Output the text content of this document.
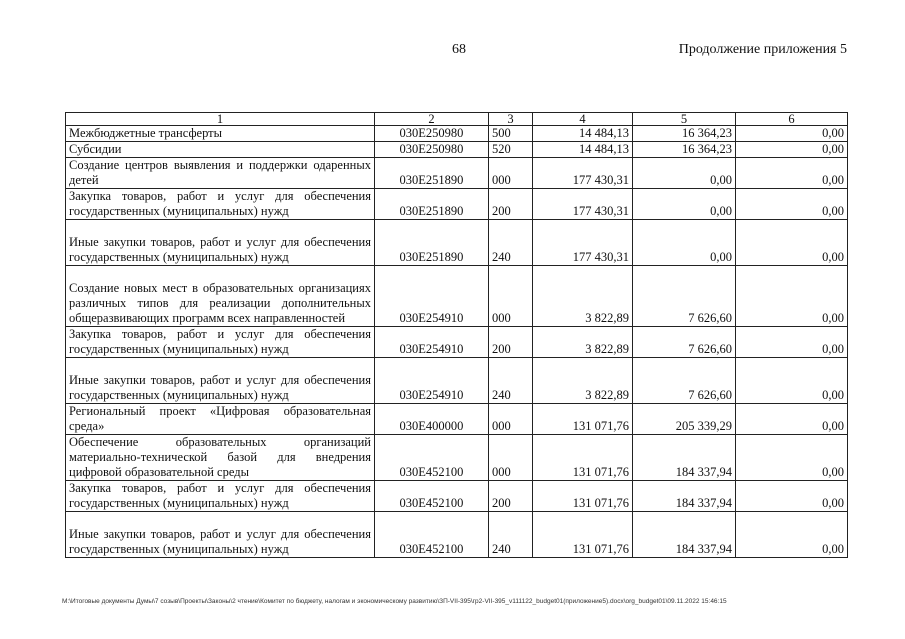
68	Продолжение приложения 5
1	2	3	4	5	6
Межбюджетные трансферты	030E250980	500	14 484,13	16 364,23	0,00
Субсидии	030E250980	520	14 484,13	16 364,23	0,00
Создание центров выявления и поддержки одаренных детей	030E251890	000	177 430,31	0,00	0,00
Закупка товаров, работ и услуг для обеспечения государственных (муниципальных) нужд	030E251890	200	177 430,31	0,00	0,00
Иные закупки товаров, работ и услуг для обеспечения государственных (муниципальных) нужд	030E251890	240	177 430,31	0,00	0,00
Создание новых мест в образовательных организациях различных типов для реализации дополнительных общеразвивающих программ всех направленностей	030E254910	000	3 822,89	7 626,60	0,00
Закупка товаров, работ и услуг для обеспечения государственных (муниципальных) нужд	030E254910	200	3 822,89	7 626,60	0,00
Иные закупки товаров, работ и услуг для обеспечения государственных (муниципальных) нужд	030E254910	240	3 822,89	7 626,60	0,00
Региональный проект «Цифровая образовательная среда»	030E400000	000	131 071,76	205 339,29	0,00
Обеспечение образовательных организаций материально-технической базой для внедрения цифровой образовательной среды	030E452100	000	131 071,76	184 337,94	0,00
Закупка товаров, работ и услуг для обеспечения государственных (муниципальных) нужд	030E452100	200	131 071,76	184 337,94	0,00
Иные закупки товаров, работ и услуг для обеспечения государственных (муниципальных) нужд	030E452100	240	131 071,76	184 337,94	0,00
M:\Итоговые документы Думы\7 созыв\Проекты\Законы\2 чтение\Комитет по бюджету, налогам и экономическому развитию\ЗП-VII-395\гр2-VII-395_v111122_budget01(приложение5).docx\org_budget01\09.11.2022 15:46:15
